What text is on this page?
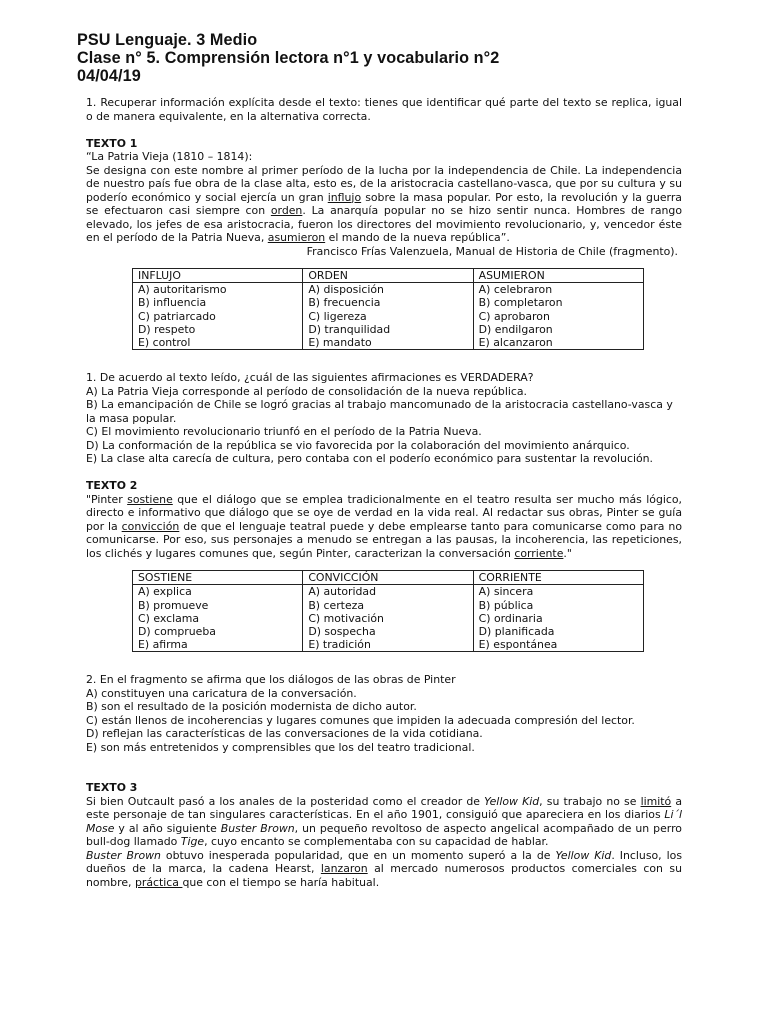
PSU Lenguaje. 3 Medio
Clase n° 5. Comprensión lectora n°1 y vocabulario n°2
04/04/19

1. Recuperar información explícita desde el texto: tienes que identificar qué parte del texto se replica, igual o de manera equivalente, en la alternativa correcta.

TEXTO 1

“La Patria Vieja (1810 – 1814):

Se designa con este nombre al primer período de la lucha por la independencia de Chile. La independencia de nuestro país fue obra de la clase alta, esto es, de la aristocracia castellano-vasca, que por su cultura y su poderío económico y social ejercía un gran influjo sobre la masa popular. Por esto, la revolución y la guerra se efectuaron casi siempre con orden. La anarquía popular no se hizo sentir nunca. Hombres de rango elevado, los jefes de esa aristocracia, fueron los directores del movimiento revolucionario, y, vencedor éste en el período de la Patria Nueva, asumieron el mando de la nueva república”.

Francisco Frías Valenzuela, Manual de Historia de Chile (fragmento).

INFLUJO	ORDEN	ASUMIERON
A) autoritarismo	A) disposición	A) celebraron
B) influencia	B) frecuencia	B) completaron
C) patriarcado	C) ligereza	C) aprobaron
D) respeto	D) tranquilidad	D) endilgaron
E) control	E) mandato	E) alcanzaron

1. De acuerdo al texto leído, ¿cuál de las siguientes afirmaciones es VERDADERA?

A) La Patria Vieja corresponde al período de consolidación de la nueva república.

B) La emancipación de Chile se logró gracias al trabajo mancomunado de la aristocracia castellano-vasca y la masa popular.

C) El movimiento revolucionario triunfó en el período de la Patria Nueva.

D) La conformación de la república se vio favorecida por la colaboración del movimiento anárquico.

E) La clase alta carecía de cultura, pero contaba con el poderío económico para sustentar la revolución.

TEXTO 2

"Pinter sostiene que el diálogo que se emplea tradicionalmente en el teatro resulta ser mucho más lógico, directo e informativo que diálogo que se oye de verdad en la vida real. Al redactar sus obras, Pinter se guía por la convicción de que el lenguaje teatral puede y debe emplearse tanto para comunicarse como para no comunicarse. Por eso, sus personajes a menudo se entregan a las pausas, la incoherencia, las repeticiones, los clichés y lugares comunes que, según Pinter, caracterizan la conversación corriente."

SOSTIENE	CONVICCIÓN	CORRIENTE
A) explica	A) autoridad	A) sincera
B) promueve	B) certeza	B) pública
C) exclama	C) motivación	C) ordinaria
D) comprueba	D) sospecha	D) planificada
E) afirma	E) tradición	E) espontánea

2. En el fragmento se afirma que los diálogos de las obras de Pinter

A) constituyen una caricatura de la conversación.

B) son el resultado de la posición modernista de dicho autor.

C) están llenos de incoherencias y lugares comunes que impiden la adecuada compresión del lector.

D) reflejan las características de las conversaciones de la vida cotidiana.

E) son más entretenidos y comprensibles que los del teatro tradicional.

TEXTO 3

Si bien Outcault pasó a los anales de la posteridad como el creador de Yellow Kid, su trabajo no se limitó a este personaje de tan singulares características. En el año 1901, consiguió que apareciera en los diarios Li´l Mose y al año siguiente Buster Brown, un pequeño revoltoso de aspecto angelical acompañado de un perro bull-dog llamado Tige, cuyo encanto se complementaba con su capacidad de hablar.

Buster Brown obtuvo inesperada popularidad, que en un momento superó a la de Yellow Kid. Incluso, los dueños de la marca, la cadena Hearst, lanzaron al mercado numerosos productos comerciales con su nombre, práctica que con el tiempo se haría habitual.
